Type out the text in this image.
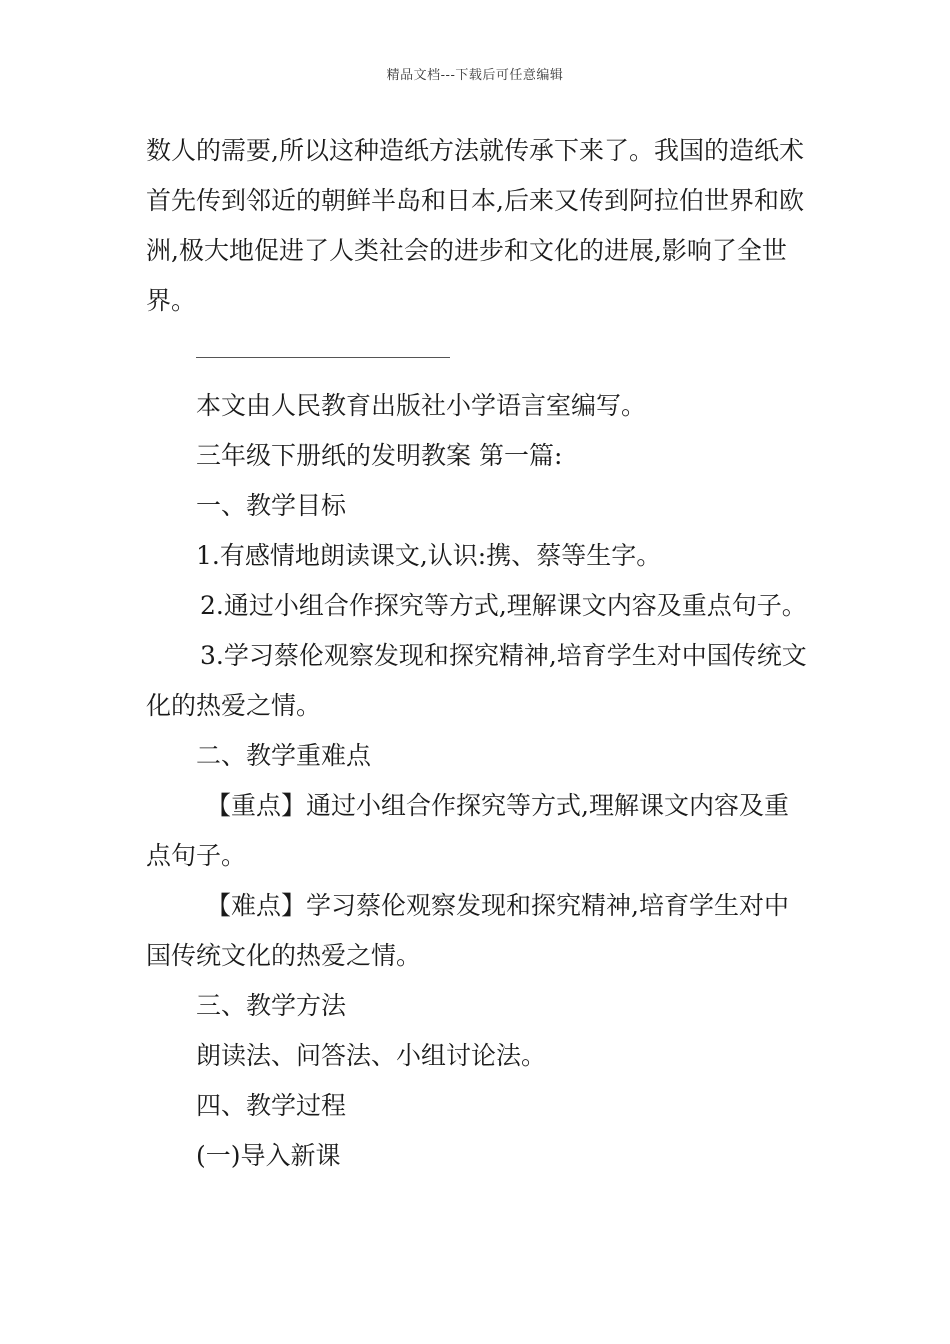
精品文档---下载后可任意编辑

数人的需要,所以这种造纸方法就传承下来了。我国的造纸术首先传到邻近的朝鲜半岛和日本,后来又传到阿拉伯世界和欧洲,极大地促进了人类社会的进步和文化的进展,影响了全世界。

本文由人民教育出版社小学语言室编写。

三年级下册纸的发明教案 第一篇:

一、教学目标

1.有感情地朗读课文,认识:携、蔡等生字。

2.通过小组合作探究等方式,理解课文内容及重点句子。

3.学习蔡伦观察发现和探究精神,培育学生对中国传统文化的热爱之情。

二、教学重难点

【重点】通过小组合作探究等方式,理解课文内容及重点句子。

【难点】学习蔡伦观察发现和探究精神,培育学生对中国传统文化的热爱之情。

三、教学方法

朗读法、问答法、小组讨论法。

四、教学过程

(一)导入新课
